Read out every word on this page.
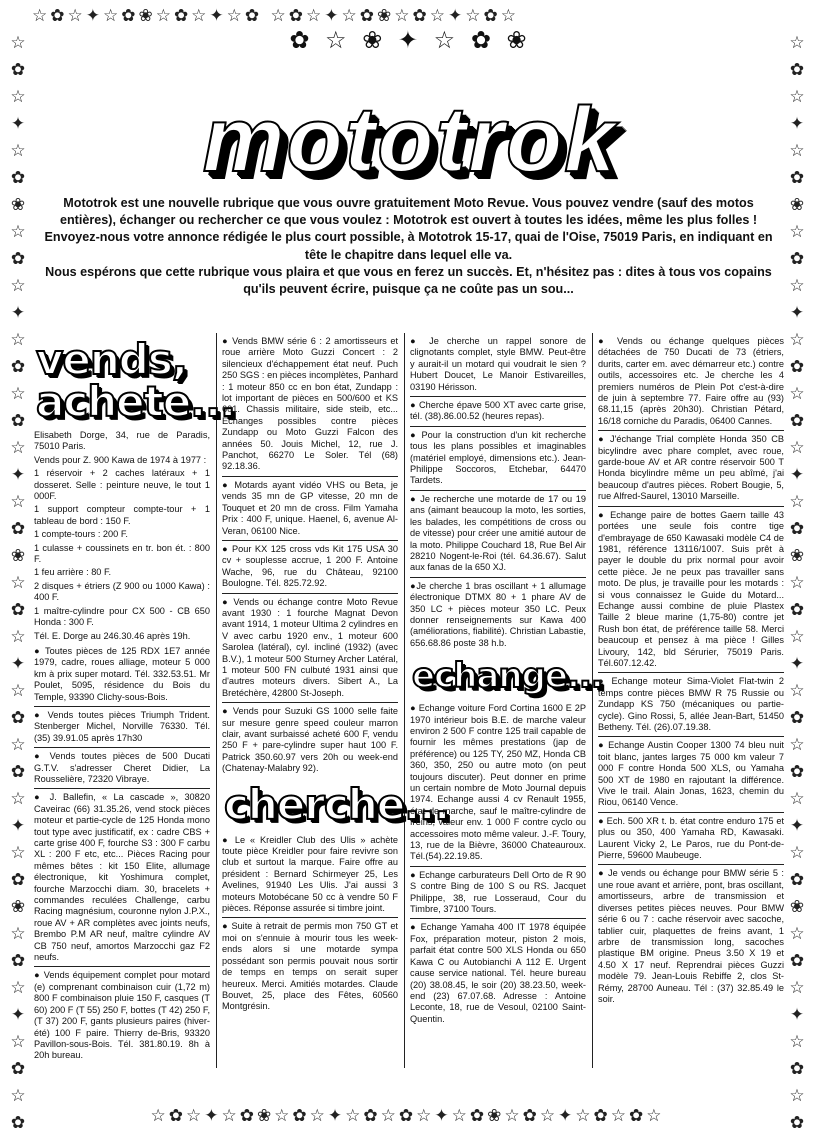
☆✿☆✦☆✿❀☆✿☆✦☆✿ ☆✿☆✦☆✿❀☆✿☆✦☆✿☆
☆✿☆✦☆✿❀☆✿☆✦☆✿☆✿☆✦☆✿❀☆✿☆✦☆✿☆✿☆
☆
✿
☆
✦
☆
✿
❀
☆
✿
☆
✦
☆
✿
☆
✿
☆
✦
☆
✿
❀
☆
✿
☆
✦
☆
✿
☆
✿
☆
✦
☆
✿
❀
☆
✿
☆
✦
☆
✿
☆
✿
☆
✿
☆
✦
☆
✿
❀
☆
✿
☆
✦
☆
✿
☆
✿
☆
✦
☆
✿
❀
☆
✿
☆
✦
☆
✿
☆
✿
☆
✦
☆
✿
❀
☆
✿
☆
✦
☆
✿
☆
✿
✿ ☆ ❀ ✦ ☆ ✿ ❀
mototrok

Mototrok est une nouvelle rubrique que vous ouvre gratuitement Moto Revue. Vous pouvez vendre (sauf des motos entières), échanger ou rechercher ce que vous voulez : Mototrok est ouvert à toutes les idées, même les plus folles ! Envoyez-nous votre annonce rédigée le plus court possible, à Mototrok 15-17, quai de l'Oise, 75019 Paris, en indiquant en tête le chapitre dans lequel elle va.

Nous espérons que cette rubrique vous plaira et que vous en ferez un succès. Et, n'hésitez pas : dites à tous vos copains qu'ils peuvent écrire, puisque ça ne coûte pas un sou...

vends,
achete...

Elisabeth Dorge, 34, rue de Paradis, 75010 Paris.

Vends pour Z. 900 Kawa de 1974 à 1977 :

1 réservoir + 2 caches latéraux + 1 dosseret. Selle : peinture neuve, le tout 1 000F.

1 support compteur compte-tour + 1 tableau de bord : 150 F.

1 compte-tours : 200 F.

1 culasse + coussinets en tr. bon ét. : 800 F.

1 feu arrière : 80 F.

2 disques + étriers (Z 900 ou 1000 Kawa) : 400 F.

1 maître-cylindre pour CX 500 - CB 650 Honda : 300 F.

Tél. E. Dorge au 246.30.46 après 19h.

● Toutes pièces de 125 RDX 1E7 année 1979, cadre, roues alliage, moteur 5 000 km à prix super motard. Tél. 332.53.51. Mr Poulet, 5095, résidence du Bois du Temple, 93390 Clichy-sous-Bois.

● Vends toutes pièces Triumph Trident. Stenberger Michel, Norville 76330. Tél. (35) 39.91.05 après 17h30

● Vends toutes pièces de 500 Ducati G.T.V. s'adresser Cheret Didier, La Rousselière, 72320 Vibraye.

● J. Ballefin, « La cascade », 30820 Caveirac (66) 31.35.26, vend stock pièces moteur et partie-cycle de 125 Honda mono tout type avec justificatif, ex : cadre CBS + carte grise 400 F, fourche S3 : 300 F carbu XL : 200 F etc, etc... Pièces Racing pour mêmes bêtes : kit 150 Elite, allumage électronique, kit Yoshimura complet, fourche Marzocchi diam. 30, bracelets + commandes reculées Challenge, carbu Racing magnésium, couronne nylon J.P.X., roue AV + AR complètes avec joints neufs, Brembo P.M AR neuf, maître cylindre AV CB 750 neuf, amortos Marzocchi gaz F2 neufs.

● Vends équipement complet pour motard (e) comprenant combinaison cuir (1,72 m) 800 F combinaison pluie 150 F, casques (T 60) 200 F (T 55) 250 F, bottes (T 42) 250 F, (T 37) 200 F, gants plusieurs paires (hiver-été) 100 F paire. Thierry de-Bris, 93320 Pavillon-sous-Bois. Tél. 381.80.19. 8h à 20h bureau.

● Vends BMW série 6 : 2 amortisseurs et roue arrière Moto Guzzi Concert : 2 silencieux d'échappement état neuf. Puch 250 SGS : en pièces incomplètes, Panhard : 1 moteur 850 cc en bon état, Zundapp : lot important de pièces en 500/600 et KS 601. Chassis militaire, side steib, etc... Echanges possibles contre pièces Zundapp ou Moto Guzzi Falcon des années 50. Jouis Michel, 12, rue J. Panchot, 66270 Le Soler. Tél (68) 92.18.36.

● Motards ayant vidéo VHS ou Beta, je vends 35 mn de GP vitesse, 20 mn de Touquet et 20 mn de cross. Film Yamaha Prix : 400 F, unique. Haenel, 6, avenue Al-Veran, 06100 Nice.

● Pour KX 125 cross vds Kit 175 USA 30 cv + souplesse accrue, 1 200 F. Antoine Wache, 96, rue du Château, 92100 Boulogne. Tél. 825.72.92.

● Vends ou échange contre Moto Revue avant 1930 : 1 fourche Magnat Devon avant 1914, 1 moteur Ultima 2 cylindres en V avec carbu 1920 env., 1 moteur 600 Sarolea (latéral), cyl. incliné (1932) (avec B.V.), 1 moteur 500 Sturney Archer Latéral, 1 moteur 500 FN culbuté 1931 ainsi que d'autres moteurs divers. Sibert A., La Bretéchère, 42800 St-Joseph.

● Vends pour Suzuki GS 1000 selle faite sur mesure genre speed couleur marron clair, avant surbaissé acheté 600 F, vendu 250 F + pare-cylindre super haut 100 F. Patrick 350.60.97 vers 20h ou week-end (Chatenay-Malabry 92).

cherche...

● Le « Kreidler Club des Ulis » achète toute pièce Kreidler pour faire revivre son club et surtout la marque. Faire offre au président : Bernard Schirmeyer 25, Les Avelines, 91940 Les Ulis. J'ai aussi 3 moteurs Motobécane 50 cc à vendre 50 F pièces. Réponse assurée si timbre joint.

● Suite à retrait de permis mon 750 GT et moi on s'ennuie à mourir tous les week-ends alors si une motarde sympa possédant son permis pouvait nous sortir de temps en temps on serait super heureux. Merci. Amitiés motardes. Claude Bouvet, 25, place des Fêtes, 60560 Montgrésin.

● Je cherche un rappel sonore de clignotants complet, style BMW. Peut-être y aurait-il un motard qui voudrait le sien ? Hubert Doucet, Le Manoir Estivareilles, 03190 Hérisson.

● Cherche épave 500 XT avec carte grise, tél. (38).86.00.52 (heures repas).

● Pour la construction d'un kit recherche tous les plans possibles et imaginables (matériel employé, dimensions etc.). Jean-Philippe Soccoros, Etchebar, 64470 Tardets.

● Je recherche une motarde de 17 ou 19 ans (aimant beaucoup la moto, les sorties, les balades, les compétitions de cross ou de vitesse) pour créer une amitié autour de la moto. Philippe Couchard 18, Rue Bel Air 28210 Nogent-le-Roi (tél. 64.36.67). Salut aux fanas de la 650 XJ.

●Je cherche 1 bras oscillant + 1 allumage électronique DTMX 80 + 1 phare AV de 350 LC + pièces moteur 350 LC. Peux donner renseignements sur Kawa 400 (améliorations, fiabilité). Christian Labastie, 656.68.86 poste 38 h.b.

echange...

● Echange voiture Ford Cortina 1600 E 2P 1970 intérieur bois B.E. de marche valeur environ 2 500 F contre 125 trail capable de fournir les mêmes prestations (jap de préférence) ou 125 TY, 250 MZ, Honda CB 360, 350, 250 ou autre moto (on peut toujours discuter). Peut donner en prime un certain nombre de Moto Journal depuis 1974. Echange aussi 4 cv Renault 1955, état de marche, sauf le maître-cylindre de freins, valeur env. 1 000 F contre cyclo ou accessoires moto même valeur. J.-F. Toury, 13, rue de la Bièvre, 36000 Chateauroux. Tél.(54).22.19.85.

● Echange carburateurs Dell Orto de R 90 S contre Bing de 100 S ou RS. Jacquet Philippe, 38, rue Losseraud, Cour du Timbre, 37100 Tours.

● Echange Yamaha 400 IT 1978 équipée Fox, préparation moteur, piston 2 mois, parfait état contre 500 XLS Honda ou 650 Kawa C ou Autobianchi A 112 E. Urgent cause service national. Tél. heure bureau (20) 38.08.45, le soir (20) 38.23.50, week-end (23) 67.07.68. Adresse : Antoine Leconte, 18, rue de Vesoul, 02100 Saint-Quentin.

● Vends ou échange quelques pièces détachées de 750 Ducati de 73 (étriers, durits, carter em. avec démarreur etc.) contre outils, accessoires etc. Je cherche les 4 premiers numéros de Plein Pot c'est-à-dire de juin à septembre 77. Faire offre au (93) 68.11,15 (après 20h30). Christian Pétard, 16/18 corniche du Paradis, 06400 Cannes.

● J'échange Trial complète Honda 350 CB bicylindre avec phare complet, avec roue, garde-boue AV et AR contre réservoir 500 T Honda bicylindre même un peu abîmé, j'ai beaucoup d'autres pièces. Robert Bougie, 5, rue Alfred-Saurel, 13010 Marseille.

● Echange paire de bottes Gaern taille 43 portées une seule fois contre tige d'embrayage de 650 Kawasaki modèle C4 de 1981, référence 13116/1007. Suis prêt à payer le double du prix normal pour avoir cette pièce. Je ne peux pas travailler sans moto. De plus, je travaille pour les motards : si vous connaissez le Guide du Motard... Echange aussi combine de pluie Plastex Taille 2 bleue marine (1,75-80) contre jet Rush bon état, de préférence taille 58. Merci beaucoup et pensez à ma pièce ! Gilles Livoury, 142, bld Sérurier, 75019 Paris. Tél.607.12.42.

● Echange moteur Sima-Violet Flat-twin 2 temps contre pièces BMW R 75 Russie ou Zundapp KS 750 (mécaniques ou partie-cycle). Gino Rossi, 5, allée Jean-Bart, 51450 Betheny. Tél. (26).07.19.38.

● Echange Austin Cooper 1300 74 bleu nuit toit blanc, jantes larges 75 000 km valeur 7 000 F contre Honda 500 XLS, ou Yamaha 500 XT de 1980 en rajoutant la différence. Vive le trail. Alain Jonas, 1623, chemin du Riou, 06140 Vence.

● Ech. 500 XR t. b. état contre enduro 175 et plus ou 350, 400 Yamaha RD, Kawasaki. Laurent Vicky 2, Le Paros, rue du Pont-de-Pierre, 59600 Maubeuge.

● Je vends ou échange pour BMW série 5 : une roue avant et arrière, pont, bras oscillant, amortisseurs, arbre de transmission et diverses petites pièces neuves. Pour BMW série 6 ou 7 : cache réservoir avec sacoche, tablier cuir, plaquettes de freins avant, 1 arbre de transmission long, sacoches plastique BM origine. Pneus 3.50 X 19 et 4.50 X 17 neuf. Reprendrai pièces Guzzi modèle 79. Jean-Louis Rebiffe 2, clos St-Rémy, 28700 Auneau. Tél : (37) 32.85.49 le soir.
